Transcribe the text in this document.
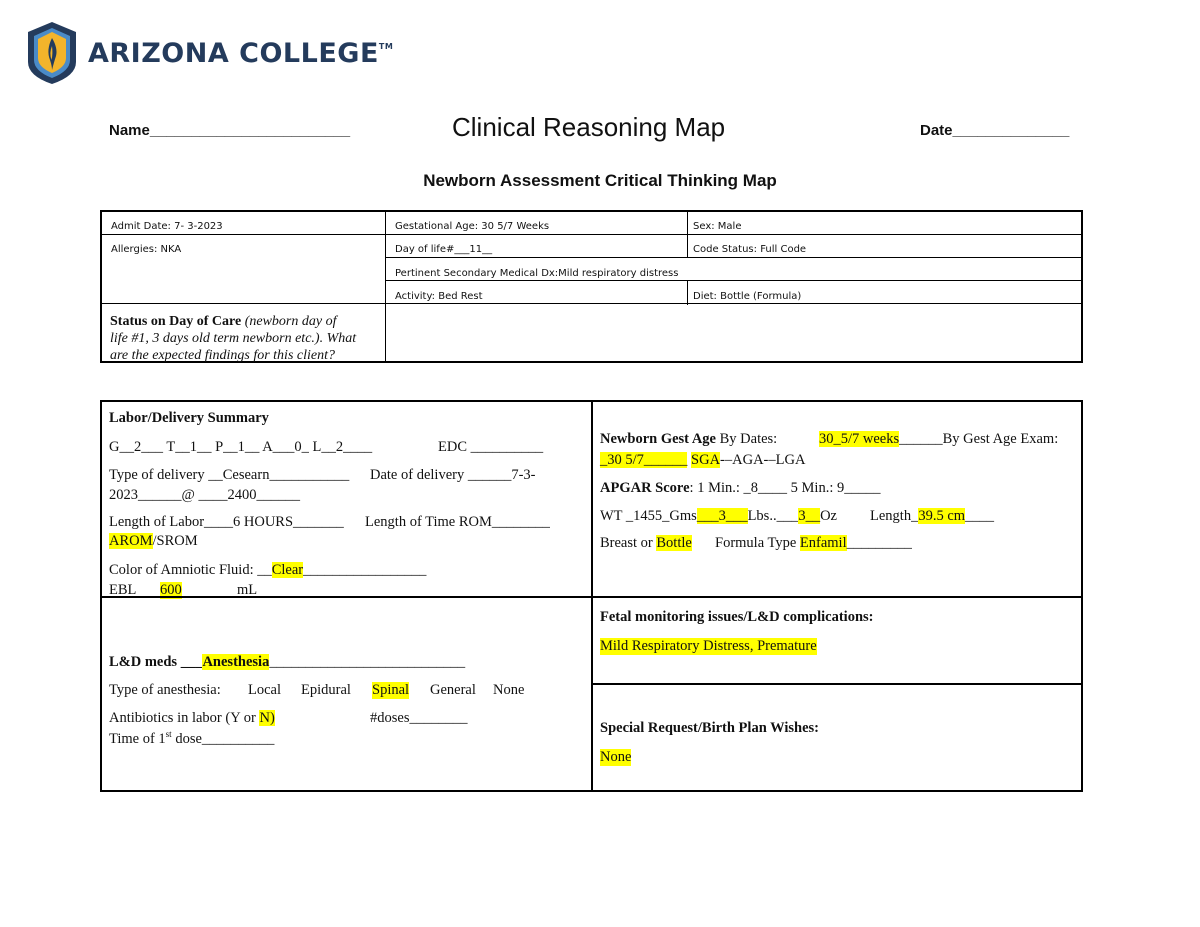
ARIZONA COLLEGE™
Name________________________	Clinical Reasoning Map	Date______________
Newborn Assessment Critical Thinking Map
Admit Date: 7- 3-2023	Gestational Age: 30 5/7 Weeks	Sex: Male
Allergies: NKA	Day of life#___11__	Code Status: Full Code
Pertinent Secondary Medical Dx:Mild respiratory distress
Activity: Bed Rest	Diet: Bottle (Formula)
Status on Day of Care (newborn day of
life #1, 3 days old term newborn etc.). What
are the expected findings for this client?
Labor/Delivery Summary
G__2___ T__1__ P__1__ A___0_ L__2____	EDC __________
Type of delivery __Cesearn___________ Date of delivery ______7-3-
2023______@ ____2400______
Length of Labor____6 HOURS_______ Length of Time ROM________
AROM/SROM
Color of Amniotic Fluid: __Clear_________________
EBL 600	mL
Newborn Gest Age By Dates:	30_5/7 weeks______By Gest Age Exam:
_30 5/7______ SGA-–AGA-–LGA
APGAR Score: 1 Min.: _8____ 5 Min.: 9_____
WT _1455_Gms___3___Lbs..___3__Oz Length_39.5 cm____
Breast or Bottle Formula Type Enfamil_________
L&D meds ___Anesthesia___________________________
Type of anesthesia: Local Epidural Spinal General None
Antibiotics in labor (Y or N)	#doses________
Time of 1st dose__________
Fetal monitoring issues/L&D complications:
Mild Respiratory Distress, Premature
Special Request/Birth Plan Wishes:
None
